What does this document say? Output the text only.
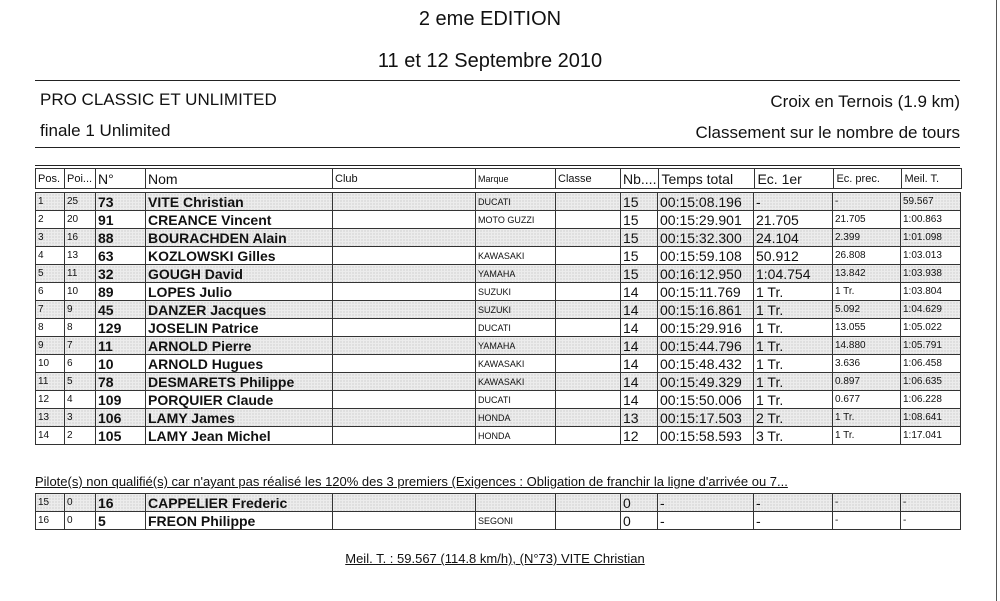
2 eme EDITION
11 et 12 Septembre 2010
PRO CLASSIC ET UNLIMITED	Croix en Ternois (1.9 km)
finale 1 Unlimited	Classement sur le nombre de tours
Pos.	Poi...	N°	Nom	Club	Marque	Classe	Nb....	Temps total	Ec. 1er	Ec. prec.	Meil. T.
1	25	73	VITE Christian		DUCATI		15	00:15:08.196	-	-	59.567
2	20	91	CREANCE Vincent		MOTO GUZZI		15	00:15:29.901	21.705	21.705	1:00.863
3	16	88	BOURACHDEN Alain				15	00:15:32.300	24.104	2.399	1:01.098
4	13	63	KOZLOWSKI Gilles		KAWASAKI		15	00:15:59.108	50.912	26.808	1:03.013
5	11	32	GOUGH David		YAMAHA		15	00:16:12.950	1:04.754	13.842	1:03.938
6	10	89	LOPES Julio		SUZUKI		14	00:15:11.769	1 Tr.	1 Tr.	1:03.804
7	9	45	DANZER Jacques		SUZUKI		14	00:15:16.861	1 Tr.	5.092	1:04.629
8	8	129	JOSELIN Patrice		DUCATI		14	00:15:29.916	1 Tr.	13.055	1:05.022
9	7	11	ARNOLD Pierre		YAMAHA		14	00:15:44.796	1 Tr.	14.880	1:05.791
10	6	10	ARNOLD Hugues		KAWASAKI		14	00:15:48.432	1 Tr.	3.636	1:06.458
11	5	78	DESMARETS Philippe		KAWASAKI		14	00:15:49.329	1 Tr.	0.897	1:06.635
12	4	109	PORQUIER Claude		DUCATI		14	00:15:50.006	1 Tr.	0.677	1:06.228
13	3	106	LAMY James		HONDA		13	00:15:17.503	2 Tr.	1 Tr.	1:08.641
14	2	105	LAMY Jean Michel		HONDA		12	00:15:58.593	3 Tr.	1 Tr.	1:17.041
Pilote(s) non qualifié(s) car n'ayant pas réalisé les 120% des 3 premiers (Exigences : Obligation de franchir la ligne d'arrivée ou 7...
15	0	16	CAPPELIER Frederic				0	-	-	-	-
16	0	5	FREON Philippe		SEGONI		0	-	-	-	-
Meil. T. : 59.567 (114.8 km/h), (N°73) VITE Christian
